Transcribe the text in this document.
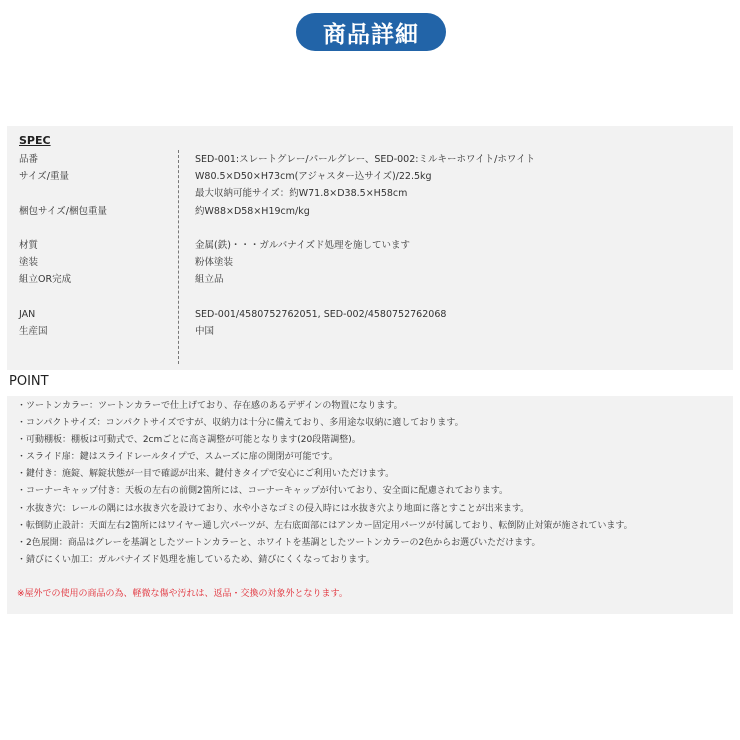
商品詳細
SPEC
品番
サイズ/重量
梱包サイズ/梱包重量
材質
塗装
組立OR完成
JAN
生産国
SED-001:スレートグレー/パールグレー、SED-002:ミルキーホワイト/ホワイト
W80.5×D50×H73cm(アジャスター込サイズ)/22.5kg
最大収納可能サイズ：約W71.8×D38.5×H58cm
約W88×D58×H19cm/kg
金属(鉄)・・・ガルバナイズド処理を施しています
粉体塗装
組立品
SED-001/4580752762051, SED-002/4580752762068
中国
POINT
・ツートンカラー：ツートンカラーで仕上げており、存在感のあるデザインの物置になります。
・コンパクトサイズ：コンパクトサイズですが、収納力は十分に備えており、多用途な収納に適しております。
・可動棚板：棚板は可動式で、2cmごとに高さ調整が可能となります(20段階調整)。
・スライド扉：鍵はスライドレールタイプで、スムーズに扉の開閉が可能です。
・鍵付き：施錠、解錠状態が一目で確認が出来、鍵付きタイプで安心にご利用いただけます。
・コーナーキャップ付き：天板の左右の前側2箇所には、コーナーキャップが付いており、安全面に配慮されております。
・水抜き穴：レールの隅には水抜き穴を設けており、水や小さなゴミの侵入時には水抜き穴より地面に落とすことが出来ます。
・転倒防止設計：天面左右2箇所にはワイヤー通し穴パーツが、左右底面部にはアンカー固定用パーツが付属しており、転倒防止対策が施されています。
・2色展開：商品はグレーを基調としたツートンカラーと、ホワイトを基調としたツートンカラーの2色からお選びいただけます。
・錆びにくい加工：ガルバナイズド処理を施しているため、錆びにくくなっております。
※屋外での使用の商品の為、軽微な傷や汚れは、返品・交換の対象外となります。
